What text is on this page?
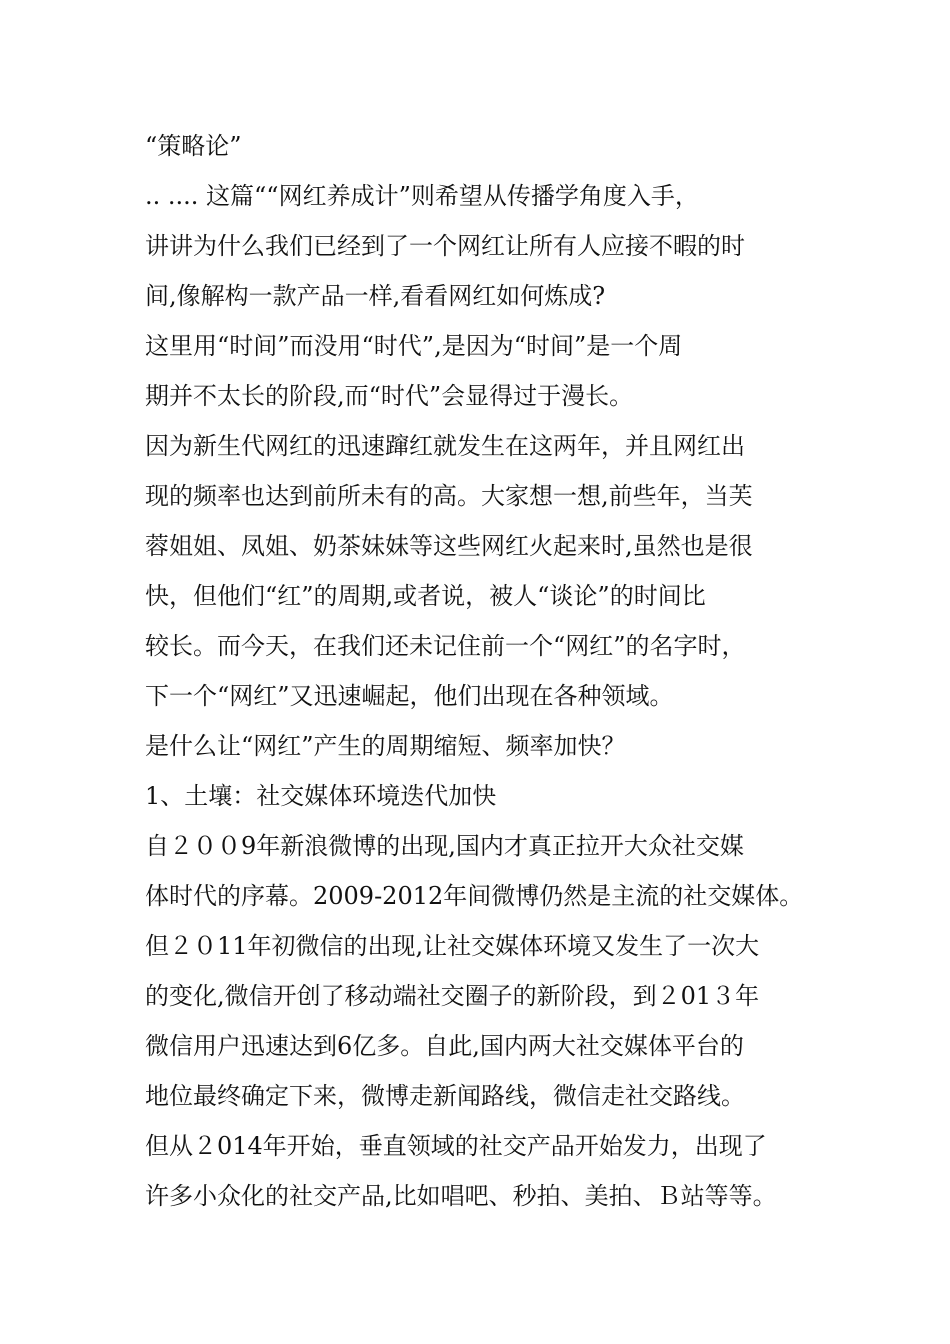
“策略论”
.. .... 这篇““网红养成计”则希望从传播学角度入手，
讲讲为什么我们已经到了一个网红让所有人应接不暇的时
间,像解构一款产品一样,看看网红如何炼成?
这里用“时间”而没用“时代”,是因为“时间”是一个周
期并不太长的阶段,而“时代”会显得过于漫长。
因为新生代网红的迅速蹿红就发生在这两年，并且网红出
现的频率也达到前所未有的高。大家想一想,前些年，当芙
蓉姐姐、凤姐、奶茶妹妹等这些网红火起来时,虽然也是很
快，但他们“红”的周期,或者说，被人“谈论”的时间比
较长。而今天，在我们还未记住前一个“网红”的名字时，
下一个“网红”又迅速崛起，他们出现在各种领域。
是什么让“网红”产生的周期缩短、频率加快？
1、土壤：社交媒体环境迭代加快
自２００9年新浪微博的出现,国内才真正拉开大众社交媒
体时代的序幕。2009-2012年间微博仍然是主流的社交媒体。
但２０11年初微信的出现,让社交媒体环境又发生了一次大
的变化,微信开创了移动端社交圈子的新阶段，到２01３年
微信用户迅速达到6亿多。自此,国内两大社交媒体平台的
地位最终确定下来，微博走新闻路线，微信走社交路线。
但从２014年开始，垂直领域的社交产品开始发力，出现了
许多小众化的社交产品,比如唱吧、秒拍、美拍、Ｂ站等等。
